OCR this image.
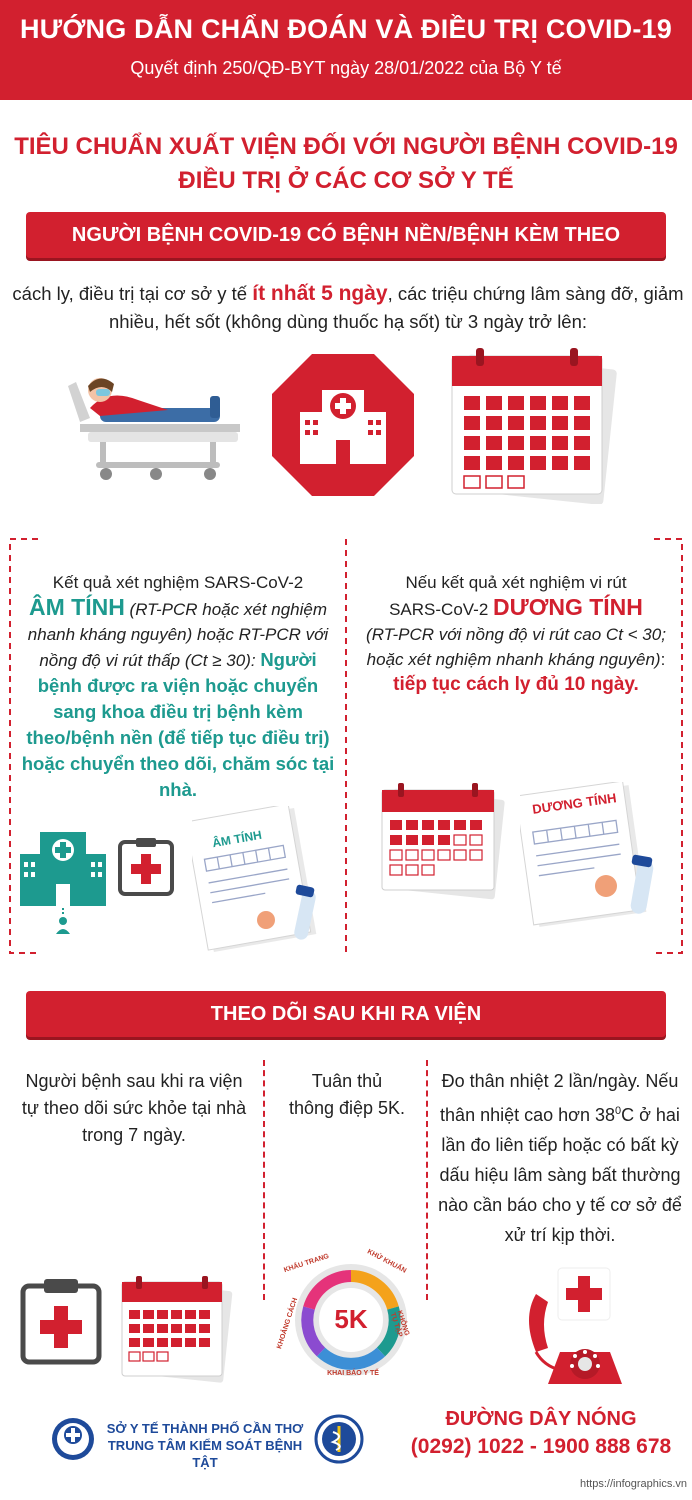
HƯỚNG DẪN CHẨN ĐOÁN VÀ ĐIỀU TRỊ COVID-19
Quyết định 250/QĐ-BYT ngày 28/01/2022 của Bộ Y tế
TIÊU CHUẨN XUẤT VIỆN ĐỐI VỚI NGƯỜI BỆNH COVID-19
ĐIỀU TRỊ Ở CÁC CƠ SỞ Y TẾ
NGƯỜI BỆNH COVID-19 CÓ BỆNH NỀN/BỆNH KÈM THEO
cách ly, điều trị tại cơ sở y tế ít nhất 5 ngày, các triệu chứng lâm sàng đỡ, giảm nhiều, hết sốt (không dùng thuốc hạ sốt) từ 3 ngày trở lên:
Kết quả xét nghiệm SARS-CoV-2
ÂM TÍNH (RT-PCR hoặc xét nghiệm nhanh kháng nguyên) hoặc RT-PCR với nồng độ vi rút thấp (Ct ≥ 30): Người bệnh được ra viện hoặc chuyển sang khoa điều trị bệnh kèm theo/bệnh nền (để tiếp tục điều trị) hoặc chuyển theo dõi, chăm sóc tại nhà.
ÂM TÍNH
Nếu kết quả xét nghiệm vi rút
SARS-CoV-2 DƯƠNG TÍNH
(RT-PCR với nồng độ vi rút cao Ct < 30; hoặc xét nghiệm nhanh kháng nguyên): tiếp tục cách ly đủ 10 ngày.
DƯƠNG TÍNH
THEO DÕI SAU KHI RA VIỆN
Người bệnh sau khi ra viện tự theo dõi sức khỏe tại nhà trong 7 ngày.
Tuân thủ thông điệp 5K.
Đo thân nhiệt 2 lần/ngày. Nếu thân nhiệt cao hơn $38^0C$ ở hai lần đo liên tiếp hoặc có bất kỳ dấu hiệu lâm sàng bất thường nào cần báo cho y tế cơ sở để xử trí kịp thời.
5K
KHẨU TRANG	KHỬ KHUẨN
KHÔNG TỤ TẬP
KHAI BÁO Y TẾ
KHOẢNG CÁCH
CDC
SỞ Y TẾ THÀNH PHỐ CẦN THƠ
TRUNG TÂM KIỂM SOÁT BỆNH TẬT
ĐƯỜNG DÂY NÓNG
(0292) 1022 - 1900 888 678
https://infographics.vn
